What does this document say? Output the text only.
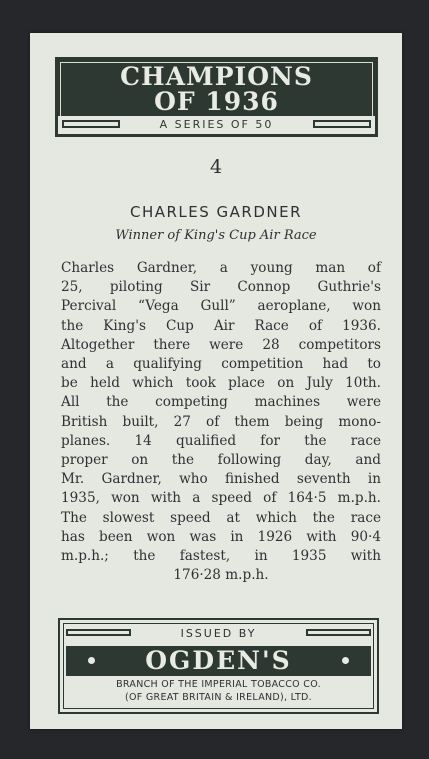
CHAMPIONS
OF 1936
A SERIES OF 50
4
CHARLES GARDNER
Winner of King's Cup Air Race
Charles Gardner, a young man of
25, piloting Sir Connop Guthrie's
Percival “Vega Gull” aeroplane, won
the King's Cup Air Race of 1936.
Altogether there were 28 competitors
and a qualifying competition had to
be held which took place on July 10th.
All the competing machines were
British built, 27 of them being mono-
planes. 14 qualified for the race
proper on the following day, and
Mr. Gardner, who finished seventh in
1935, won with a speed of 164·5 m.p.h.
The slowest speed at which the race
has been won was in 1926 with 90·4
m.p.h.; the fastest, in 1935 with
176·28 m.p.h.
ISSUED BY
OGDEN'S
BRANCH OF THE IMPERIAL TOBACCO CO.
(OF GREAT BRITAIN & IRELAND), LTD.
